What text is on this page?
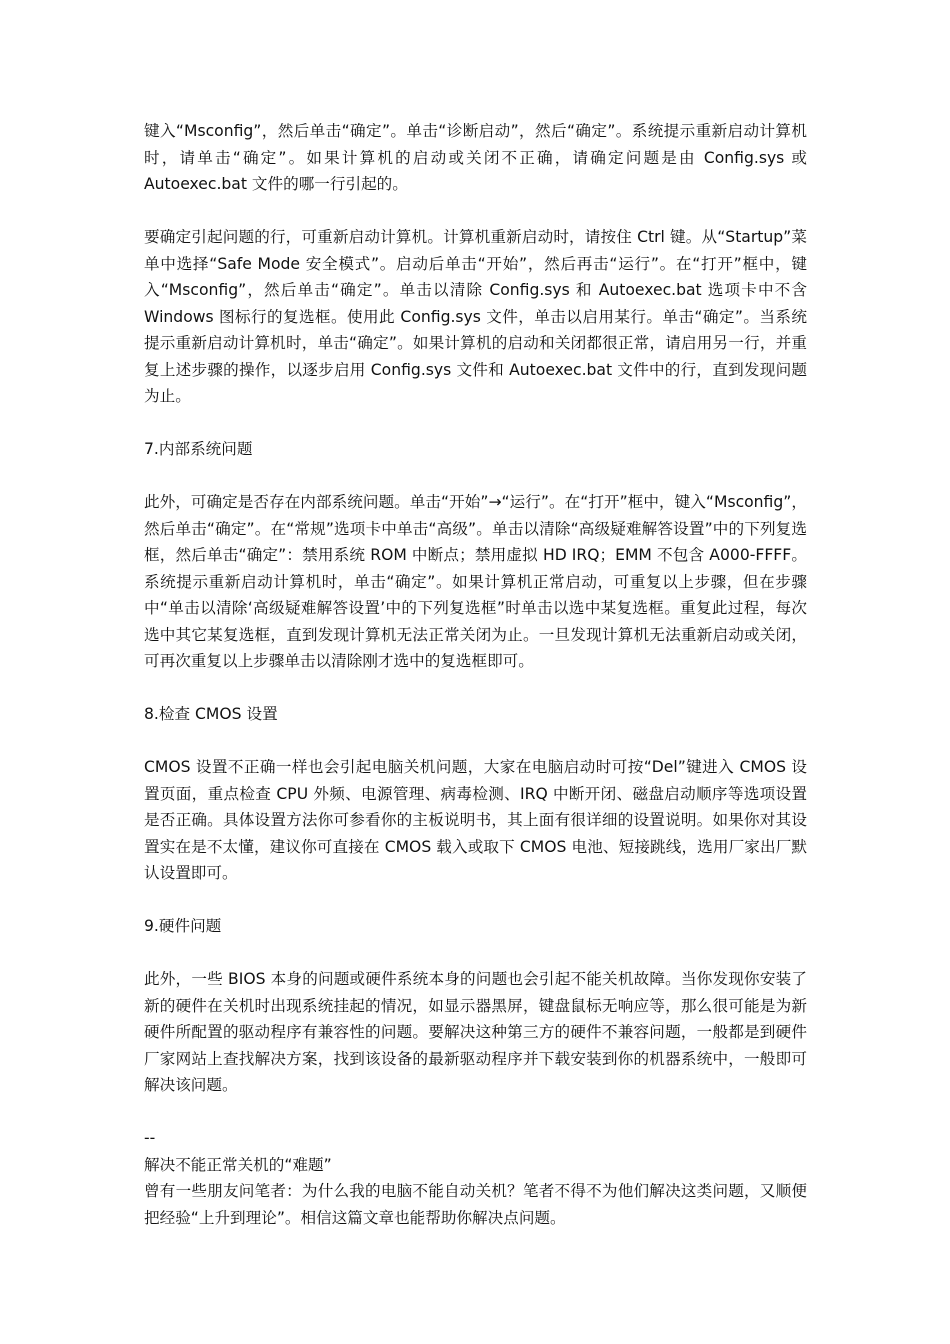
键入“Msconfig”，然后单击“确定”。单击“诊断启动”，然后“确定”。系统提示重新启动计算机时，请单击“确定”。如果计算机的启动或关闭不正确，请确定问题是由 Config.sys 或 Autoexec.bat 文件的哪一行引起的。

要确定引起问题的行，可重新启动计算机。计算机重新启动时，请按住 Ctrl 键。从“Startup”菜单中选择“Safe Mode 安全模式”。启动后单击“开始”，然后再击“运行”。在“打开”框中，键入“Msconfig”，然后单击“确定”。单击以清除 Config.sys 和 Autoexec.bat 选项卡中不含 Windows 图标行的复选框。使用此 Config.sys 文件，单击以启用某行。单击“确定”。当系统提示重新启动计算机时，单击“确定”。如果计算机的启动和关闭都很正常，请启用另一行，并重复上述步骤的操作，以逐步启用 Config.sys 文件和 Autoexec.bat 文件中的行，直到发现问题为止。

7.内部系统问题

此外，可确定是否存在内部系统问题。单击“开始”→“运行”。在“打开”框中，键入“Msconfig”，然后单击“确定”。在“常规”选项卡中单击“高级”。单击以清除“高级疑难解答设置”中的下列复选框，然后单击“确定”：禁用系统 ROM 中断点；禁用虚拟 HD IRQ；EMM 不包含 A000-FFFF。系统提示重新启动计算机时，单击“确定”。如果计算机正常启动，可重复以上步骤，但在步骤中“单击以清除‘高级疑难解答设置’中的下列复选框”时单击以选中某复选框。重复此过程，每次选中其它某复选框，直到发现计算机无法正常关闭为止。一旦发现计算机无法重新启动或关闭，可再次重复以上步骤单击以清除刚才选中的复选框即可。

8.检查 CMOS 设置

CMOS 设置不正确一样也会引起电脑关机问题，大家在电脑启动时可按“Del”键进入 CMOS 设置页面，重点检查 CPU 外频、电源管理、病毒检测、IRQ 中断开闭、磁盘启动顺序等选项设置是否正确。具体设置方法你可参看你的主板说明书，其上面有很详细的设置说明。如果你对其设置实在是不太懂，建议你可直接在 CMOS 载入或取下 CMOS 电池、短接跳线，选用厂家出厂默认设置即可。

9.硬件问题

此外，一些 BIOS 本身的问题或硬件系统本身的问题也会引起不能关机故障。当你发现你安装了新的硬件在关机时出现系统挂起的情况，如显示器黑屏，键盘鼠标无响应等，那么很可能是为新硬件所配置的驱动程序有兼容性的问题。要解决这种第三方的硬件不兼容问题，一般都是到硬件厂家网站上查找解决方案，找到该设备的最新驱动程序并下载安装到你的机器系统中，一般即可解决该问题。

--

解决不能正常关机的“难题”

曾有一些朋友问笔者：为什么我的电脑不能自动关机？笔者不得不为他们解决这类问题，又顺便把经验“上升到理论”。相信这篇文章也能帮助你解决点问题。
